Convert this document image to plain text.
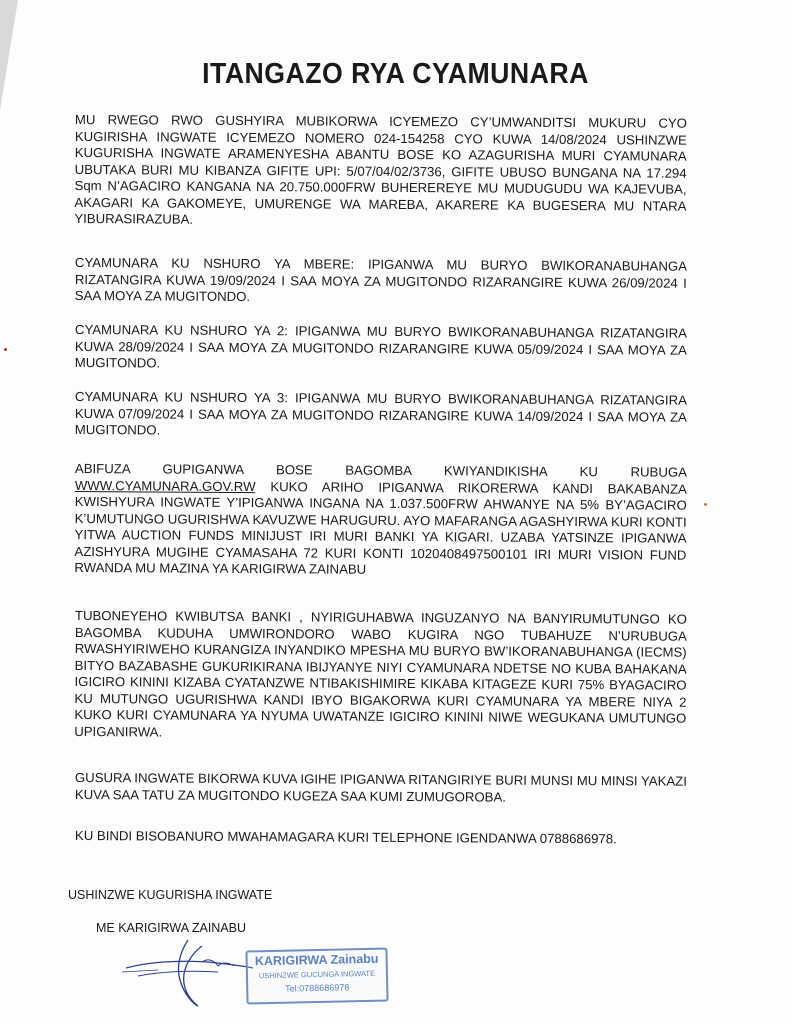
ITANGAZO RYA CYAMUNARA
MU RWEGO RWO GUSHYIRA MUBIKORWA ICYEMEZO CY’UMWANDITSI MUKURU CYO KUGIRISHA INGWATE ICYEMEZO NOMERO 024-154258 CYO KUWA 14/08/2024 USHINZWE KUGURISHA INGWATE ARAMENYESHA ABANTU BOSE KO AZAGURISHA MURI CYAMUNARA UBUTAKA BURI MU KIBANZA GIFITE UPI: 5/07/04/02/3736, GIFITE UBUSO BUNGANA NA 17.294 Sqm N’AGACIRO KANGANA NA 20.750.000FRW BUHEREREYE MU MUDUGUDU WA KAJEVUBA, AKAGARI KA GAKOMEYE, UMURENGE WA MAREBA, AKARERE KA BUGESERA MU NTARA YIBURASIRAZUBA.
CYAMUNARA KU NSHURO YA MBERE: IPIGANWA MU BURYO BWIKORANABUHANGA RIZATANGIRA KUWA 19/09/2024 I SAA MOYA ZA MUGITONDO RIZARANGIRE KUWA 26/09/2024 I SAA MOYA ZA MUGITONDO.
CYAMUNARA KU NSHURO YA 2: IPIGANWA MU BURYO BWIKORANABUHANGA RIZATANGIRA KUWA 28/09/2024 I SAA MOYA ZA MUGITONDO RIZARANGIRE KUWA 05/09/2024 I SAA MOYA ZA MUGITONDO.
CYAMUNARA KU NSHURO YA 3: IPIGANWA MU BURYO BWIKORANABUHANGA RIZATANGIRA KUWA 07/09/2024 I SAA MOYA ZA MUGITONDO RIZARANGIRE KUWA 14/09/2024 I SAA MOYA ZA MUGITONDO.
ABIFUZA GUPIGANWA BOSE BAGOMBA KWIYANDIKISHA KU RUBUGA WWW.CYAMUNARA.GOV.RW KUKO ARIHO IPIGANWA RIKORERWA KANDI BAKABANZA KWISHYURA INGWATE Y’IPIGANWA INGANA NA 1.037.500FRW AHWANYE NA 5% BY’AGACIRO K’UMUTUNGO UGURISHWA KAVUZWE HARUGURU. AYO MAFARANGA AGASHYIRWA KURI KONTI YITWA AUCTION FUNDS MINIJUST IRI MURI BANKI YA KIGARI. UZABA YATSINZE IPIGANWA AZISHYURA MUGIHE CYAMASAHA 72 KURI KONTI 1020408497500101 IRI MURI VISION FUND RWANDA MU MAZINA YA KARIGIRWA ZAINABU
TUBONEYEHO KWIBUTSA BANKI , NYIRIGUHABWA INGUZANYO NA BANYIRUMUTUNGO KO BAGOMBA KUDUHA UMWIRONDORO WABO KUGIRA NGO TUBAHUZE N’URUBUGA RWASHYIRIWEHO KURANGIZA INYANDIKO MPESHA MU BURYO BW’IKORANABUHANGA (IECMS) BITYO BAZABASHE GUKURIKIRANA IBIJYANYE NIYI CYAMUNARA NDETSE NO KUBA BAHAKANA IGICIRO KININI KIZABA CYATANZWE NTIBAKISHIMIRE KIKABA KITAGEZE KURI 75% BYAGACIRO KU MUTUNGO UGURISHWA KANDI IBYO BIGAKORWA KURI CYAMUNARA YA MBERE NIYA 2 KUKO KURI CYAMUNARA YA NYUMA UWATANZE IGICIRO KININI NIWE WEGUKANA UMUTUNGO UPIGANIRWA.
GUSURA INGWATE BIKORWA KUVA IGIHE IPIGANWA RITANGIRIYE BURI MUNSI MU MINSI YAKAZI KUVA SAA TATU ZA MUGITONDO KUGEZA SAA KUMI ZUMUGOROBA.
KU BINDI BISOBANURO MWAHAMAGARA KURI TELEPHONE IGENDANWA 0788686978.
USHINZWE KUGURISHA INGWATE
ME KARIGIRWA ZAINABU
KARIGIRWA Zainabu
USHINZWE GUCUNGA INGWATE
Tel:0788686978
